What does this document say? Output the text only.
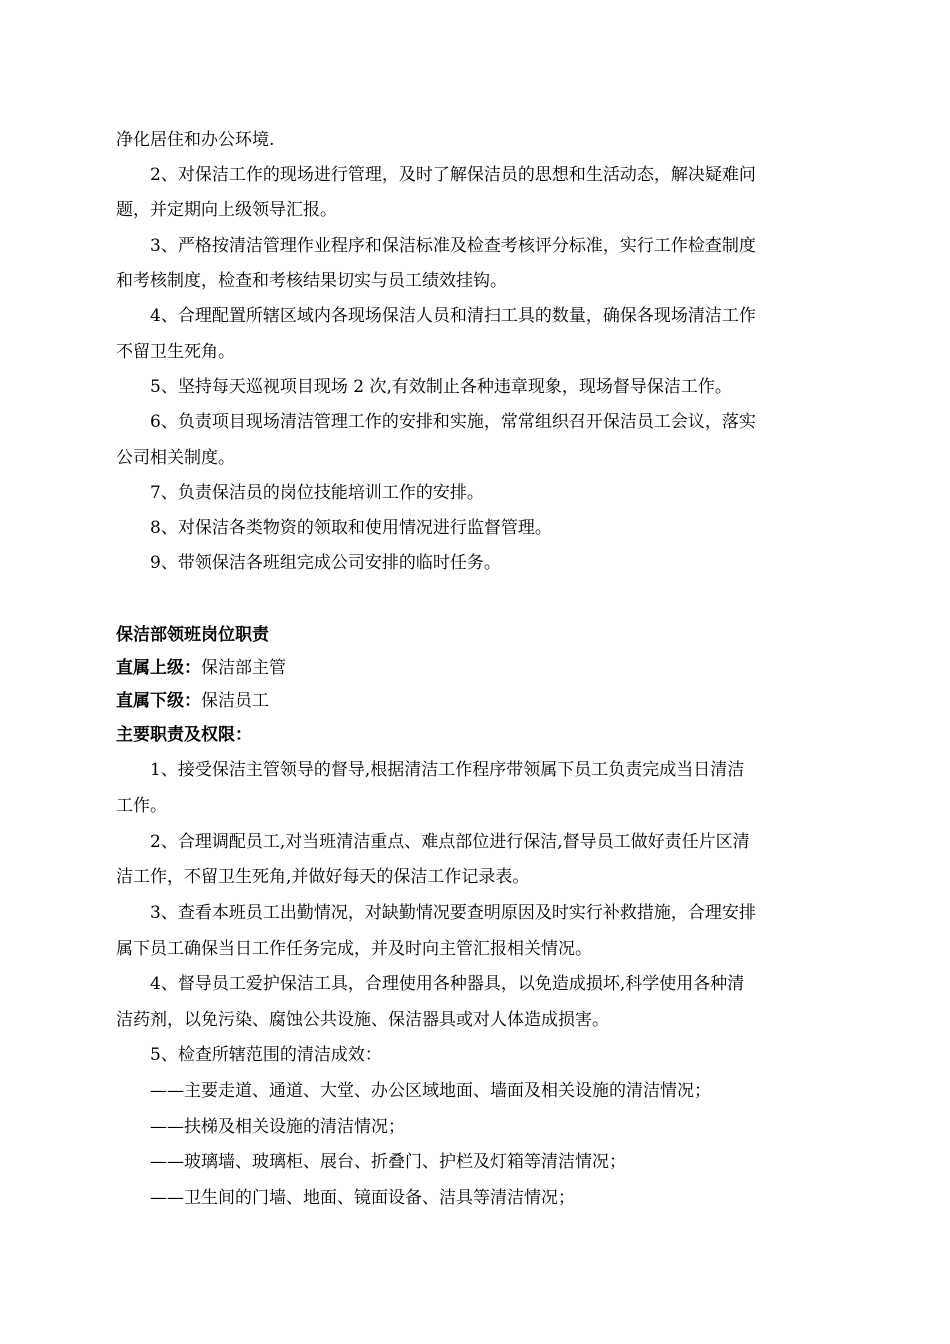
净化居住和办公环境.
2、对保洁工作的现场进行管理，及时了解保洁员的思想和生活动态，解决疑难问
题，并定期向上级领导汇报。
3、严格按清洁管理作业程序和保洁标准及检查考核评分标准，实行工作检查制度
和考核制度，检查和考核结果切实与员工绩效挂钩。
4、合理配置所辖区域内各现场保洁人员和清扫工具的数量，确保各现场清洁工作
不留卫生死角。
5、坚持每天巡视项目现场 2 次,有效制止各种违章现象，现场督导保洁工作。
6、负责项目现场清洁管理工作的安排和实施，常常组织召开保洁员工会议，落实
公司相关制度。
7、负责保洁员的岗位技能培训工作的安排。
8、对保洁各类物资的领取和使用情况进行监督管理。
9、带领保洁各班组完成公司安排的临时任务。
保洁部领班岗位职责
直属上级：保洁部主管
直属下级：保洁员工
主要职责及权限：
1、接受保洁主管领导的督导,根据清洁工作程序带领属下员工负责完成当日清洁
工作。
2、合理调配员工,对当班清洁重点、难点部位进行保洁,督导员工做好责任片区清
洁工作，不留卫生死角,并做好每天的保洁工作记录表。
3、查看本班员工出勤情况，对缺勤情况要查明原因及时实行补救措施，合理安排
属下员工确保当日工作任务完成，并及时向主管汇报相关情况。
4、督导员工爱护保洁工具，合理使用各种器具，以免造成损坏,科学使用各种清
洁药剂，以免污染、腐蚀公共设施、保洁器具或对人体造成损害。
5、检查所辖范围的清洁成效：
——主要走道、通道、大堂、办公区域地面、墙面及相关设施的清洁情况；
——扶梯及相关设施的清洁情况；
——玻璃墙、玻璃柜、展台、折叠门、护栏及灯箱等清洁情况；
——卫生间的门墙、地面、镜面设备、洁具等清洁情况；
